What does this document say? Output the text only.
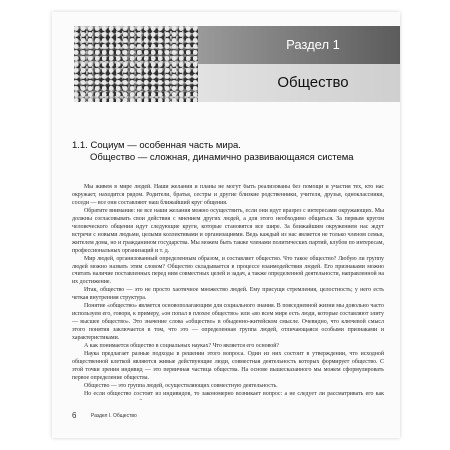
Раздел 1
Общество
1.1. Социум — особенная часть мира.
Общество — сложная, динамично развивающаяся система

Мы живем в мире людей. Наши желания и планы не могут быть реализованы без помощи и участия тех, кто нас окружает, находится рядом. Родители, братья, сестры и другие близкие родственники, учителя, друзья, одноклассники, соседи — все они составляют наш ближайший круг общения.

Обратите внимание: не все наши желания можно осуществить, если они идут вразрез с интересами окружающих. Мы должны согласовывать свои действия с мнением других людей, а для этого необходимо общаться. За первым кругом человеческого общения идут следующие круги, которые становятся все шире. За ближайшим окружением нас ждут встречи с новыми людьми, целыми коллективами и организациями. Ведь каждый из нас является не только членом семьи, жителем дома, но и гражданином государства. Мы можем быть также членами политических партий, клубов по интересам, профессиональных организаций и т. д.

Мир людей, организованный определенным образом, и составляет общество. Что такое общество? Любую ли группу людей можно назвать этим словом? Общество складывается в процессе взаимодействия людей. Его признаками можно считать наличие поставленных перед ним совместных целей и задач, а также определенной деятельности, направленной на их достижение.

Итак, общество — это не просто хаотичное множество людей. Ему присущи стремления, целостность; у него есть четкая внутренняя структура.

Понятие «общество» является основополагающим для социального знания. В повседневной жизни мы довольно часто используем его, говоря, к примеру, «он попал в плохое общество» или «во всем мире есть люди, которые составляют элиту — высшее общество». Это значение слова «общество» в обыденно-житейском смысле. Очевидно, что ключевой смысл этого понятия заключается в том, что это — определенная группа людей, отличающаяся особыми признаками и характеристиками.

А как понимается общество в социальных науках? Что является его основой?

Наука предлагает разные подходы в решении этого вопроса. Один из них состоит в утверждении, что исходной общественной клеткой являются живые действующие люди, совместная деятельность которых формирует общество. С этой точки зрения индивид — это первичная частица общества. На основе вышесказанного мы можем сформулировать первое определение общества.

Общество — это группа людей, осуществляющих совместную деятельность.

Но если общество состоит из индивидов, то закономерно возникает вопрос: а не следует ли рассматривать его как

6	Раздел I. Общество
